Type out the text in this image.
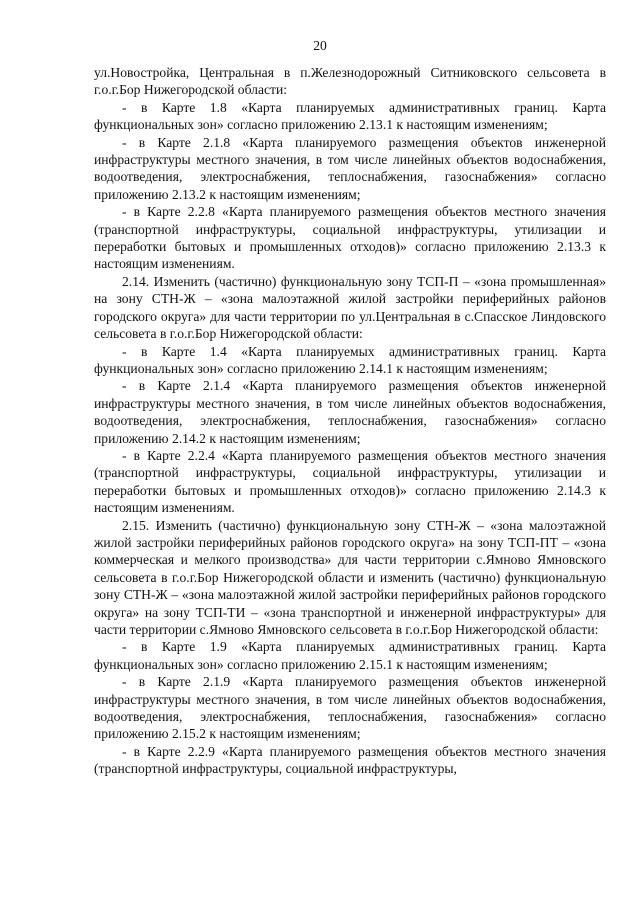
20

ул.Новостройка, Центральная в п.Железнодорожный Ситниковского сельсовета в г.о.г.Бор Нижегородской области:

- в Карте 1.8 «Карта планируемых административных границ. Карта функциональных зон» согласно приложению 2.13.1 к настоящим изменениям;

- в Карте 2.1.8 «Карта планируемого размещения объектов инженерной инфраструктуры местного значения, в том числе линейных объектов водоснабжения, водоотведения, электроснабжения, теплоснабжения, газоснабжения» согласно приложению 2.13.2 к настоящим изменениям;

- в Карте 2.2.8 «Карта планируемого размещения объектов местного значения (транспортной инфраструктуры, социальной инфраструктуры, утилизации и переработки бытовых и промышленных отходов)» согласно приложению 2.13.3 к настоящим изменениям.

2.14. Изменить (частично) функциональную зону ТСП-П – «зона промышленная» на зону СТН-Ж – «зона малоэтажной жилой застройки периферийных районов городского округа» для части территории по ул.Центральная в с.Спасское Линдовского сельсовета в г.о.г.Бор Нижегородской области:

- в Карте 1.4 «Карта планируемых административных границ. Карта функциональных зон» согласно приложению 2.14.1 к настоящим изменениям;

- в Карте 2.1.4 «Карта планируемого размещения объектов инженерной инфраструктуры местного значения, в том числе линейных объектов водоснабжения, водоотведения, электроснабжения, теплоснабжения, газоснабжения» согласно приложению 2.14.2 к настоящим изменениям;

- в Карте 2.2.4 «Карта планируемого размещения объектов местного значения (транспортной инфраструктуры, социальной инфраструктуры, утилизации и переработки бытовых и промышленных отходов)» согласно приложению 2.14.3 к настоящим изменениям.

2.15. Изменить (частично) функциональную зону СТН-Ж – «зона малоэтажной жилой застройки периферийных районов городского округа» на зону ТСП-ПТ – «зона коммерческая и мелкого производства» для части территории с.Ямново Ямновского сельсовета в г.о.г.Бор Нижегородской области и изменить (частично) функциональную зону СТН-Ж – «зона малоэтажной жилой застройки периферийных районов городского округа» на зону ТСП-ТИ – «зона транспортной и инженерной инфраструктуры» для части территории с.Ямново Ямновского сельсовета в г.о.г.Бор Нижегородской области:

- в Карте 1.9 «Карта планируемых административных границ. Карта функциональных зон» согласно приложению 2.15.1 к настоящим изменениям;

- в Карте 2.1.9 «Карта планируемого размещения объектов инженерной инфраструктуры местного значения, в том числе линейных объектов водоснабжения, водоотведения, электроснабжения, теплоснабжения, газоснабжения» согласно приложению 2.15.2 к настоящим изменениям;

- в Карте 2.2.9 «Карта планируемого размещения объектов местного значения (транспортной инфраструктуры, социальной инфраструктуры,
